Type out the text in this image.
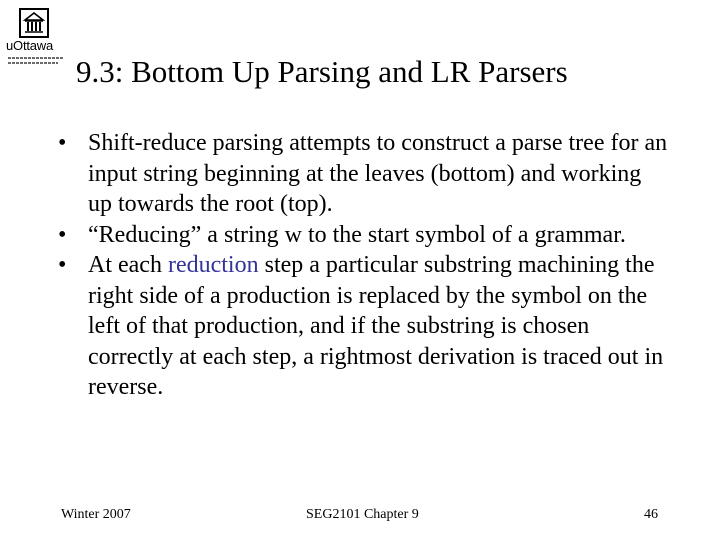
uOttawa
9.3: Bottom Up Parsing and LR Parsers
• Shift-reduce parsing attempts to construct a parse tree for an input string beginning at the leaves (bottom) and working up towards the root (top).
• “Reducing” a string w to the start symbol of a grammar.
• At each reduction step a particular substring machining the right side of a production is replaced by the symbol on the left of that production, and if the substring is chosen correctly at each step, a rightmost derivation is traced out in reverse.
Winter 2007	SEG2101 Chapter 9	46
